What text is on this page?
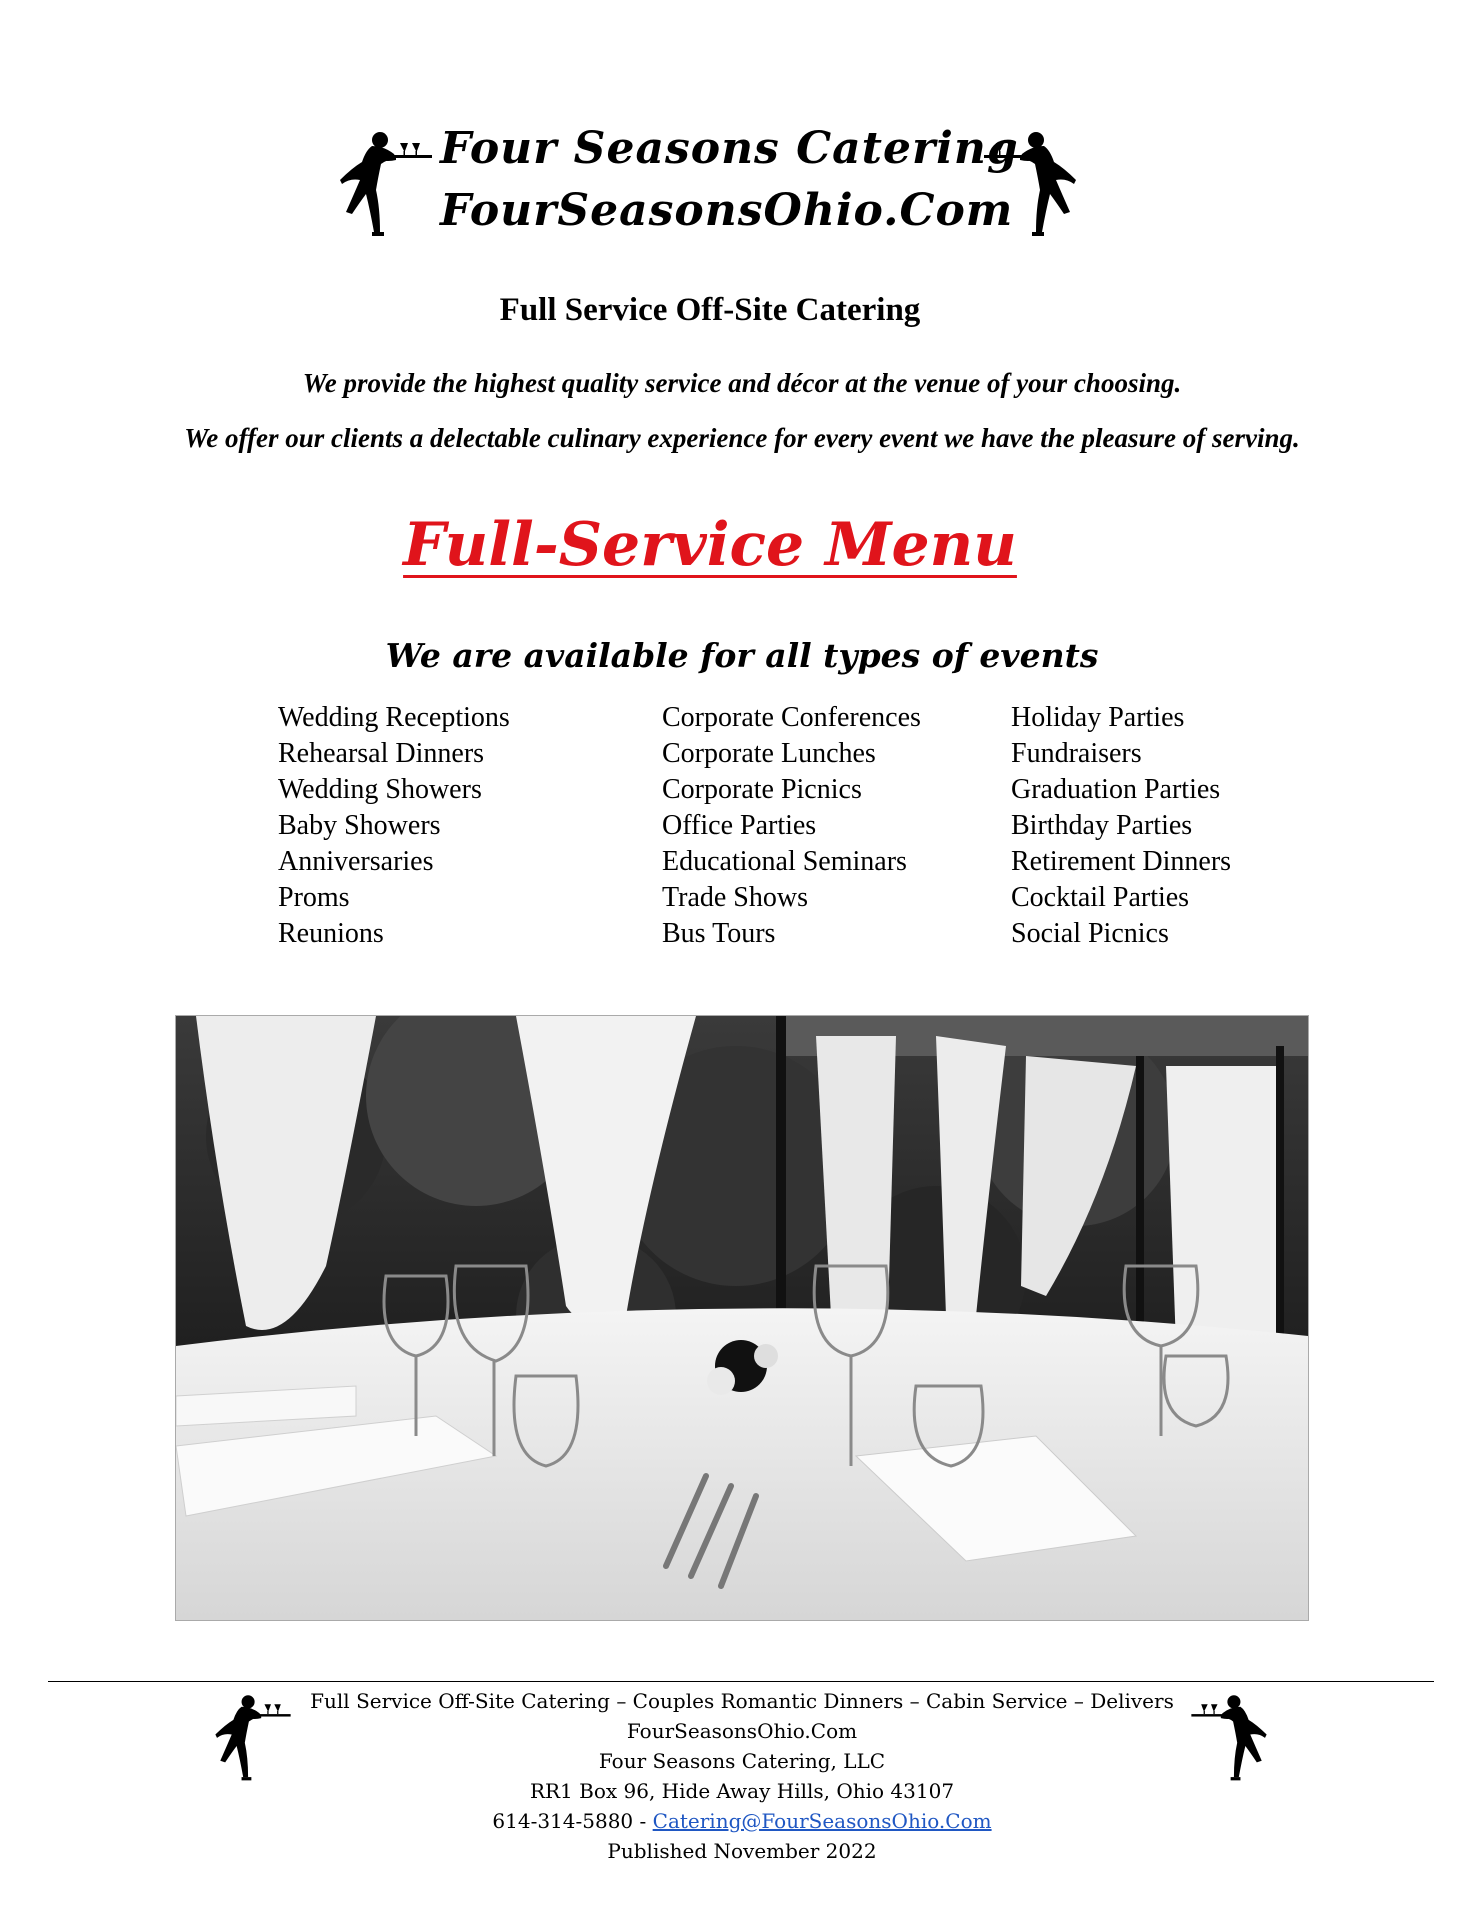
Four Seasons Catering
FourSeasonsOhio.Com
Full Service Off-Site Catering
We provide the highest quality service and décor at the venue of your choosing.
We offer our clients a delectable culinary experience for every event we have the pleasure of serving.
Full-Service Menu
We are available for all types of events
Wedding Receptions
Rehearsal Dinners
Wedding Showers
Baby Showers
Anniversaries
Proms
Reunions
Corporate Conferences
Corporate Lunches
Corporate Picnics
Office Parties
Educational Seminars
Trade Shows
Bus Tours
Holiday Parties
Fundraisers
Graduation Parties
Birthday Parties
Retirement Dinners
Cocktail Parties
Social Picnics
Full Service Off-Site Catering – Couples Romantic Dinners – Cabin Service – Delivers
FourSeasonsOhio.Com
Four Seasons Catering, LLC
RR1 Box 96, Hide Away Hills, Ohio 43107
614-314-5880 - Catering@FourSeasonsOhio.Com
Published November 2022
